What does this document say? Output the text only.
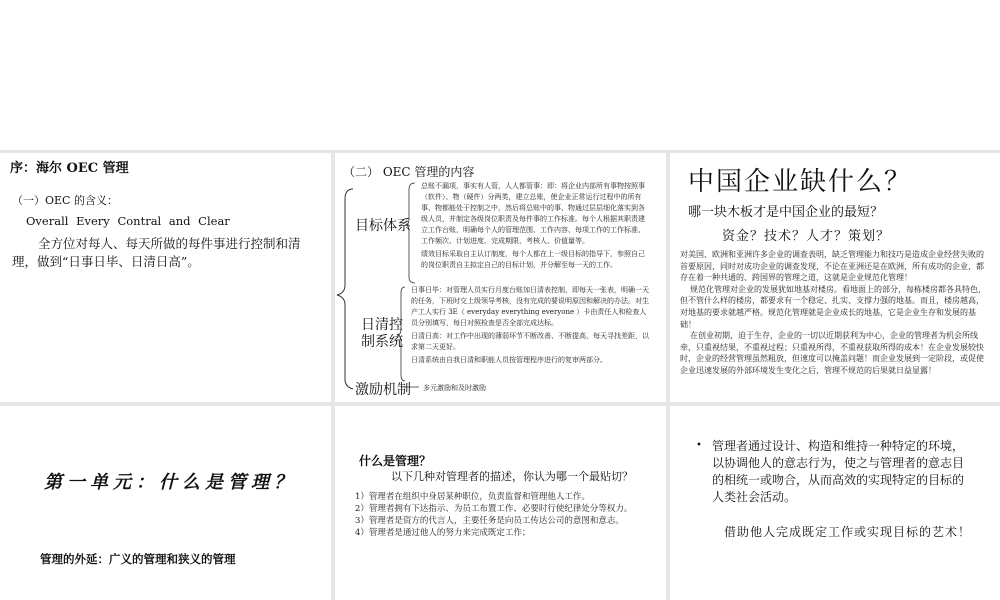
序：海尔 OEC 管理
（一）OEC 的含义：
Overall Every Contral and Clear
全方位对每人、每天所做的每件事进行控制和清理，做到“日事日毕、日清日高”。
（二） OEC 管理的内容
目标体系

总账不漏项，事实有人管，人人都管事：即：将企业内部所有事物按照事（软件）、物（硬件）分两类，建立总账，使企业正常运行过程中的所有事、物都能处于控制之中，然后将总账中的事、物通过层层细化落实到各级人员，并制定各级岗位职责及每件事的工作标准。每个人根据其职责建立工作台账，明确每个人的管理范围、工作内容、每项工作的工作标准、工作频次、计划进度、完成期限、考核人、价值量等。

绩效目标采取自主认订制度，每个人都在上一级目标的指导下，参照自己的岗位职责自主拟定自己的目标计划，并分解至每一天的工作。

日清控制系统

日事日毕：对管理人员实行月度台账加日清表控制，即每天一张表，明确一天的任务，下班时交上级领导考核，没有完成的要说明原因和解决的办法。对生产工人实行 3E（ everyday everything everyone ）卡由责任人和检查人员分别填写，每日对照检查是否全部完成达标。

日清日高：对工作中出现的薄弱环节不断改善、不断提高，每天寻找差距，以求第二天更好。

日清系统由自我日清和职能人员按管理程序进行的复审两部分。

激励机制 多元激励和及时激励
中国企业缺什么？
哪一块木板才是中国企业的最短？
资金？技术？人才？策划？

对美国、欧洲和亚洲许多企业的调查表明，缺乏管理能力和技巧是造成企业经营失败的首要原因，同时对成功企业的调查发现，不论在亚洲还是在欧洲，所有成功的企业，都存在着一种共通的、跨国界的管理之道，这就是企业规范化管理！

规范化管理对企业的发展犹如地基对楼房。看地面上的部分，每栋楼房都各具特色，但不管什么样的楼房，都要求有一个稳定、扎实、支撑力强的地基。而且，楼房越高，对地基的要求就越严格。规范化管理就是企业成长的地基，它是企业生存和发展的基础！

在创业初期，迫于生存，企业的一切以近期获利为中心，企业的管理者为机会所线牵，只重视结果，不重视过程；只重视所得，不重视获取所得的成本！在企业发展较快时，企业的经营管理虽然粗放，但速度可以掩盖问题！而企业发展到一定阶段，或促使企业迅速发展的外部环境发生变化之后，管理不规范的后果就日益显露！

第一单元：什么是管理？
管理的外延：广义的管理和狭义的管理
什么是管理？
以下几种对管理者的描述，你认为哪一个最贴切？

1）管理者在组织中身居某种职位，负责监督和管理他人工作。

2）管理者拥有下达指示、为员工布置工作、必要时行使纪律处分等权力。

3）管理者是资方的代言人，主要任务是向员工传达公司的意图和意志。

4）管理者是通过他人的努力来完成既定工作；

• 管理者通过设计、构造和维持一种特定的环境，以协调他人的意志行为，使之与管理者的意志目的相统一或吻合，从而高效的实现特定的目标的人类社会活动。
借助他人完成既定工作或实现目标的艺术！
